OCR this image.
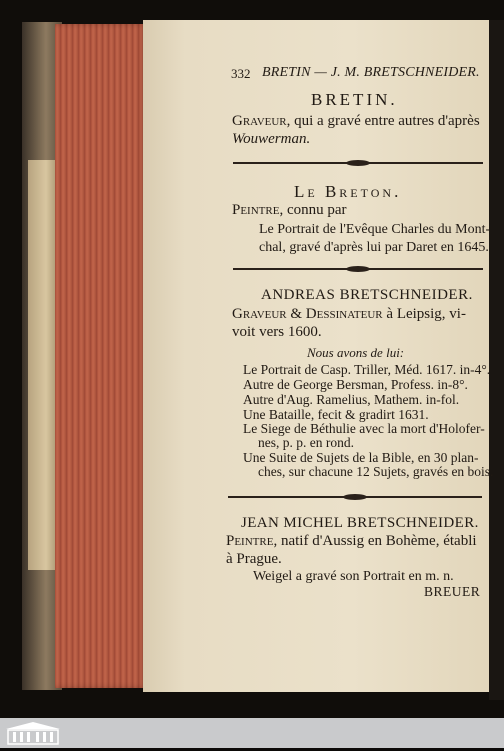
332 BRETIN — J. M. BRETSCHNEIDER.
BRETIN.
Graveur, qui a gravé entre autres d'après
Wouwerman.
Le Breton.
Peintre, connu par
Le Portrait de l'Evêque Charles du Mont-
chal, gravé d'après lui par Daret en 1645.
ANDREAS BRETSCHNEIDER.
Graveur & Dessinateur à Leipsig, vi-
voit vers 1600.
Nous avons de lui:
Le Portrait de Casp. Triller, Méd. 1617. in-4°.
Autre de George Bersman, Profess. in-8°.
Autre d'Aug. Ramelius, Mathem. in-fol.
Une Bataille, fecit & gradirt 1631.
Le Siege de Béthulie avec la mort d'Holofer-
nes, p. p. en rond.
Une Suite de Sujets de la Bible, en 30 plan-
ches, sur chacune 12 Sujets, gravés en bois.
JEAN MICHEL BRETSCHNEIDER.
Peintre, natif d'Aussig en Bohème, établi
à Prague.
Weigel a gravé son Portrait en m. n.
BREUER
